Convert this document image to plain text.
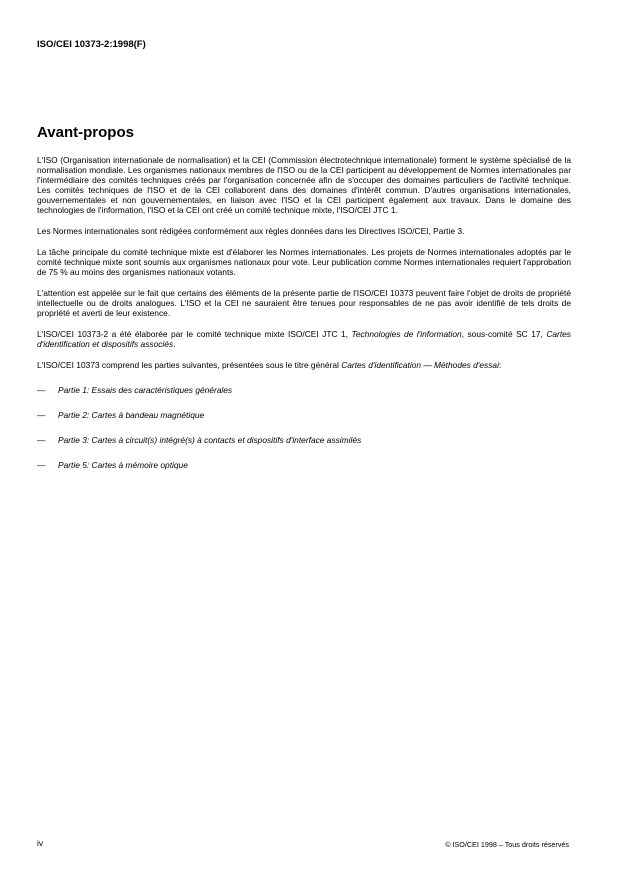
ISO/CEI 10373-2:1998(F)
Avant-propos

L'ISO (Organisation internationale de normalisation) et la CEI (Commission électrotechnique internationale) forment le système spécialisé de la normalisation mondiale. Les organismes nationaux membres de l'ISO ou de la CEI participent au développement de Normes internationales par l'intermédiaire des comités techniques créés par l'organisation concernée afin de s'occuper des domaines particuliers de l'activité technique. Les comités techniques de l'ISO et de la CEI collaborent dans des domaines d'intérêt commun. D'autres organisations internationales, gouvernementales et non gouvernementales, en liaison avec l'ISO et la CEI participent également aux travaux. Dans le domaine des technologies de l'information, l'ISO et la CEI ont créé un comité technique mixte, l'ISO/CEI JTC 1.

Les Normes internationales sont rédigées conformément aux règles données dans les Directives ISO/CEI, Partie 3.

La tâche principale du comité technique mixte est d'élaborer les Normes internationales. Les projets de Normes internationales adoptés par le comité technique mixte sont soumis aux organismes nationaux pour vote. Leur publication comme Normes internationales requiert l'approbation de 75 % au moins des organismes nationaux votants.

L'attention est appelée sur le fait que certains des éléments de la présente partie de l'ISO/CEI 10373 peuvent faire l'objet de droits de propriété intellectuelle ou de droits analogues. L'ISO et la CEI ne sauraient être tenues pour responsables de ne pas avoir identifié de tels droits de propriété et averti de leur existence.

L'ISO/CEI 10373-2 a été élaborée par le comité technique mixte ISO/CEI JTC 1, Technologies de l'information, sous-comité SC 17, Cartes d'identification et dispositifs associés.

L'ISO/CEI 10373 comprend les parties suivantes, présentées sous le titre général Cartes d'identification — Méthodes d'essai:

—	Partie 1: Essais des caractéristiques générales
—	Partie 2: Cartes à bandeau magnétique
—	Partie 3: Cartes à circuit(s) intégré(s) à contacts et dispositifs d'interface assimilés
—	Partie 5: Cartes à mémoire optique
iv	© ISO/CEI 1998 – Tous droits réservés
